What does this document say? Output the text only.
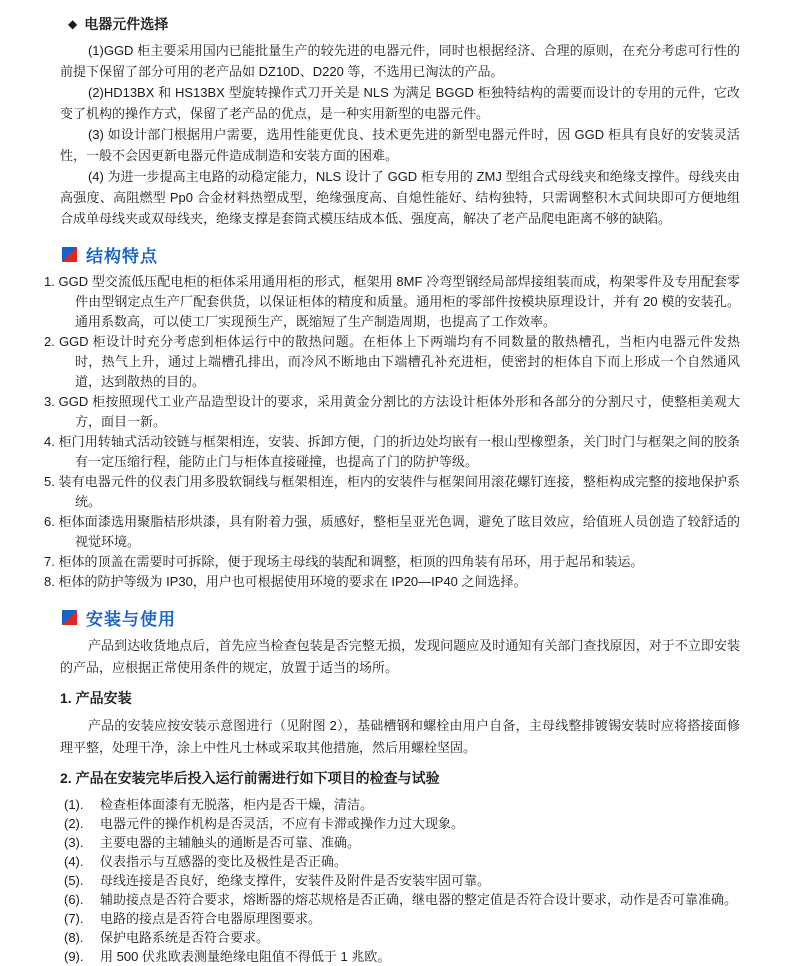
◆ 电器元件选择

(1)GGD 柜主要采用国内已能批量生产的较先进的电器元件，同时也根据经济、合理的原则，在充分考虑可行性的前提下保留了部分可用的老产品如 DZ10D、D220 等，不选用已淘汰的产品。

(2)HD13BX 和 HS13BX 型旋转操作式刀开关是 NLS 为满足 BGGD 柜独特结构的需要而设计的专用的元件，它改变了机构的操作方式，保留了老产品的优点，是一种实用新型的电器元件。

(3) 如设计部门根据用户需要，选用性能更优良、技术更先进的新型电器元件时，因 GGD 柜具有良好的安装灵活性，一般不会因更新电器元件造成制造和安装方面的困难。

(4) 为进一步提高主电路的动稳定能力，NLS 设计了 GGD 柜专用的 ZMJ 型组合式母线夹和绝缘支撑件。母线夹由高强度、高阻燃型 Pp0 合金材料热塑成型，绝缘强度高、自熄性能好、结构独特，只需调整积木式间块即可方便地组合成单母线夹或双母线夹，绝缘支撑是套筒式模压结成本低、强度高，解决了老产品爬电距离不够的缺陷。

结构特点

1. GGD 型交流低压配电柜的柜体采用通用柜的形式，框架用 8MF 冷弯型钢经局部焊接组装而成，构架零件及专用配套零件由型钢定点生产厂配套供货，以保证柜体的精度和质量。通用柜的零部件按模块原理设计，并有 20 模的安装孔。通用系数高，可以使工厂实现预生产，既缩短了生产制造周期，也提高了工作效率。

2. GGD 柜设计时充分考虑到柜体运行中的散热问题。在柜体上下两端均有不同数量的散热槽孔，当柜内电器元件发热时，热气上升，通过上端槽孔排出，而冷风不断地由下端槽孔补充进柜，使密封的柜体自下而上形成一个自然通风道，达到散热的目的。

3. GGD 柜按照现代工业产品造型设计的要求，采用黄金分割比的方法设计柜体外形和各部分的分割尺寸，使整柜美观大方，面目一新。

4. 柜门用转轴式活动铰链与框架相连，安装、拆卸方便，门的折边处均嵌有一根山型橡塑条，关门时门与框架之间的胶条有一定压缩行程，能防止门与柜体直接碰撞，也提高了门的防护等级。

5. 装有电器元件的仪表门用多股软铜线与框架相连，柜内的安装件与框架间用滚花螺钉连接，整柜构成完整的接地保护系统。

6. 柜体面漆选用聚脂桔形烘漆，具有附着力强，质感好，整柜呈亚光色调，避免了眩目效应，给值班人员创造了较舒适的视觉环境。

7. 柜体的顶盖在需要时可拆除，便于现场主母线的装配和调整，柜顶的四角装有吊环，用于起吊和装运。

8. 柜体的防护等级为 IP30，用户也可根据使用环境的要求在 IP20—IP40 之间选择。

安装与使用

产品到达收货地点后，首先应当检查包装是否完整无损，发现问题应及时通知有关部门查找原因，对于不立即安装的产品，应根据正常使用条件的规定，放置于适当的场所。

1. 产品安装

产品的安装应按安装示意图进行（见附图 2），基础槽钢和螺栓由用户自备，主母线整排镀锡安装时应将搭接面修理平整，处理干净，涂上中性凡士林或采取其他措施，然后用螺栓坚固。

2. 产品在安装完毕后投入运行前需进行如下项目的检查与试验
(1).	检查柜体面漆有无脱落，柜内是否干燥，清洁。
(2).	电器元件的操作机构是否灵活，不应有卡滞或操作力过大现象。
(3).	主要电器的主辅触头的通断是否可靠、准确。
(4).	仪表指示与互感器的变比及极性是否正确。
(5).	母线连接是否良好，绝缘支撑件，安装件及附件是否安装牢固可靠。
(6).	辅助接点是否符合要求，熔断器的熔芯规格是否正确，继电器的整定值是否符合设计要求，动作是否可靠准确。
(7).	电路的接点是否符合电器原理图要求。
(8).	保护电路系统是否符合要求。
(9).	用 500 伏兆欧表测量绝缘电阻值不得低于 1 兆欧。
